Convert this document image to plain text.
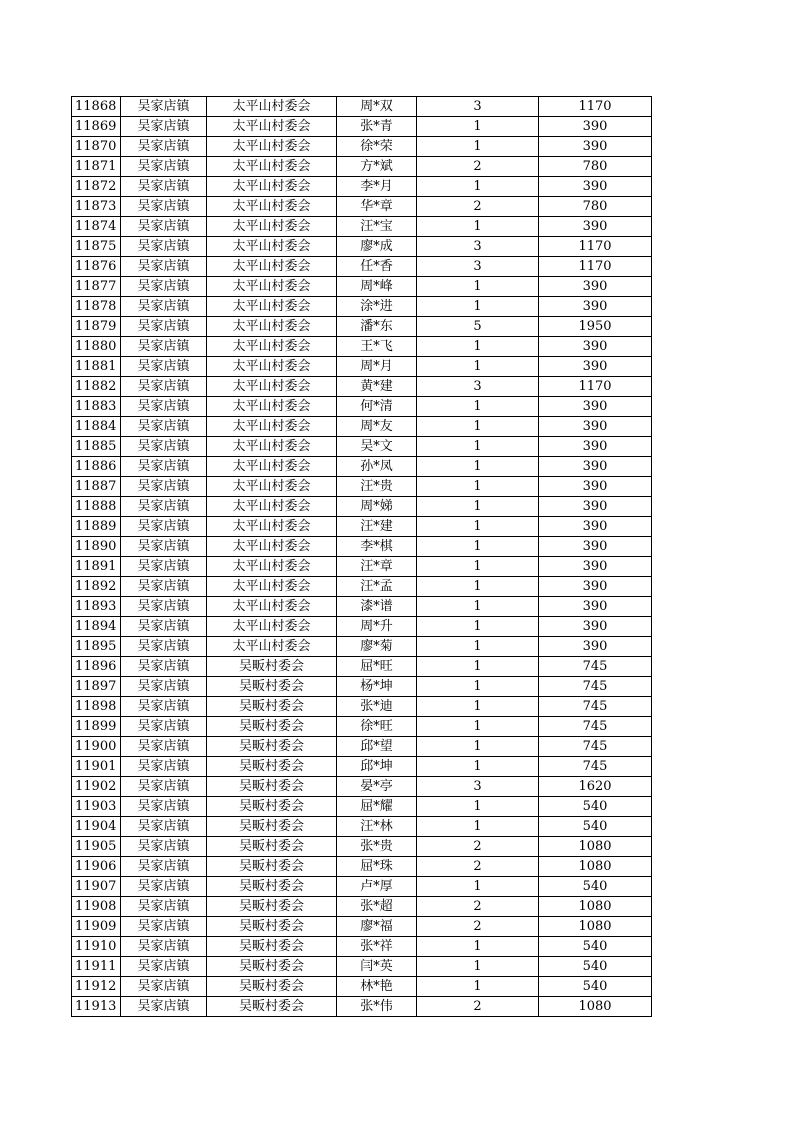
11868	吴家店镇	太平山村委会	周*双	3	1170
11869	吴家店镇	太平山村委会	张*青	1	390
11870	吴家店镇	太平山村委会	徐*荣	1	390
11871	吴家店镇	太平山村委会	方*斌	2	780
11872	吴家店镇	太平山村委会	李*月	1	390
11873	吴家店镇	太平山村委会	华*章	2	780
11874	吴家店镇	太平山村委会	汪*宝	1	390
11875	吴家店镇	太平山村委会	廖*成	3	1170
11876	吴家店镇	太平山村委会	任*香	3	1170
11877	吴家店镇	太平山村委会	周*峰	1	390
11878	吴家店镇	太平山村委会	涂*进	1	390
11879	吴家店镇	太平山村委会	潘*东	5	1950
11880	吴家店镇	太平山村委会	王*飞	1	390
11881	吴家店镇	太平山村委会	周*月	1	390
11882	吴家店镇	太平山村委会	黄*建	3	1170
11883	吴家店镇	太平山村委会	何*清	1	390
11884	吴家店镇	太平山村委会	周*友	1	390
11885	吴家店镇	太平山村委会	吴*文	1	390
11886	吴家店镇	太平山村委会	孙*凤	1	390
11887	吴家店镇	太平山村委会	汪*贵	1	390
11888	吴家店镇	太平山村委会	周*娣	1	390
11889	吴家店镇	太平山村委会	汪*建	1	390
11890	吴家店镇	太平山村委会	李*棋	1	390
11891	吴家店镇	太平山村委会	汪*章	1	390
11892	吴家店镇	太平山村委会	汪*孟	1	390
11893	吴家店镇	太平山村委会	漆*谱	1	390
11894	吴家店镇	太平山村委会	周*升	1	390
11895	吴家店镇	太平山村委会	廖*菊	1	390
11896	吴家店镇	吴畈村委会	屈*旺	1	745
11897	吴家店镇	吴畈村委会	杨*坤	1	745
11898	吴家店镇	吴畈村委会	张*迪	1	745
11899	吴家店镇	吴畈村委会	徐*旺	1	745
11900	吴家店镇	吴畈村委会	邱*望	1	745
11901	吴家店镇	吴畈村委会	邱*坤	1	745
11902	吴家店镇	吴畈村委会	晏*亭	3	1620
11903	吴家店镇	吴畈村委会	屈*耀	1	540
11904	吴家店镇	吴畈村委会	汪*林	1	540
11905	吴家店镇	吴畈村委会	张*贵	2	1080
11906	吴家店镇	吴畈村委会	屈*珠	2	1080
11907	吴家店镇	吴畈村委会	卢*厚	1	540
11908	吴家店镇	吴畈村委会	张*超	2	1080
11909	吴家店镇	吴畈村委会	廖*福	2	1080
11910	吴家店镇	吴畈村委会	张*祥	1	540
11911	吴家店镇	吴畈村委会	闫*英	1	540
11912	吴家店镇	吴畈村委会	林*艳	1	540
11913	吴家店镇	吴畈村委会	张*伟	2	1080
